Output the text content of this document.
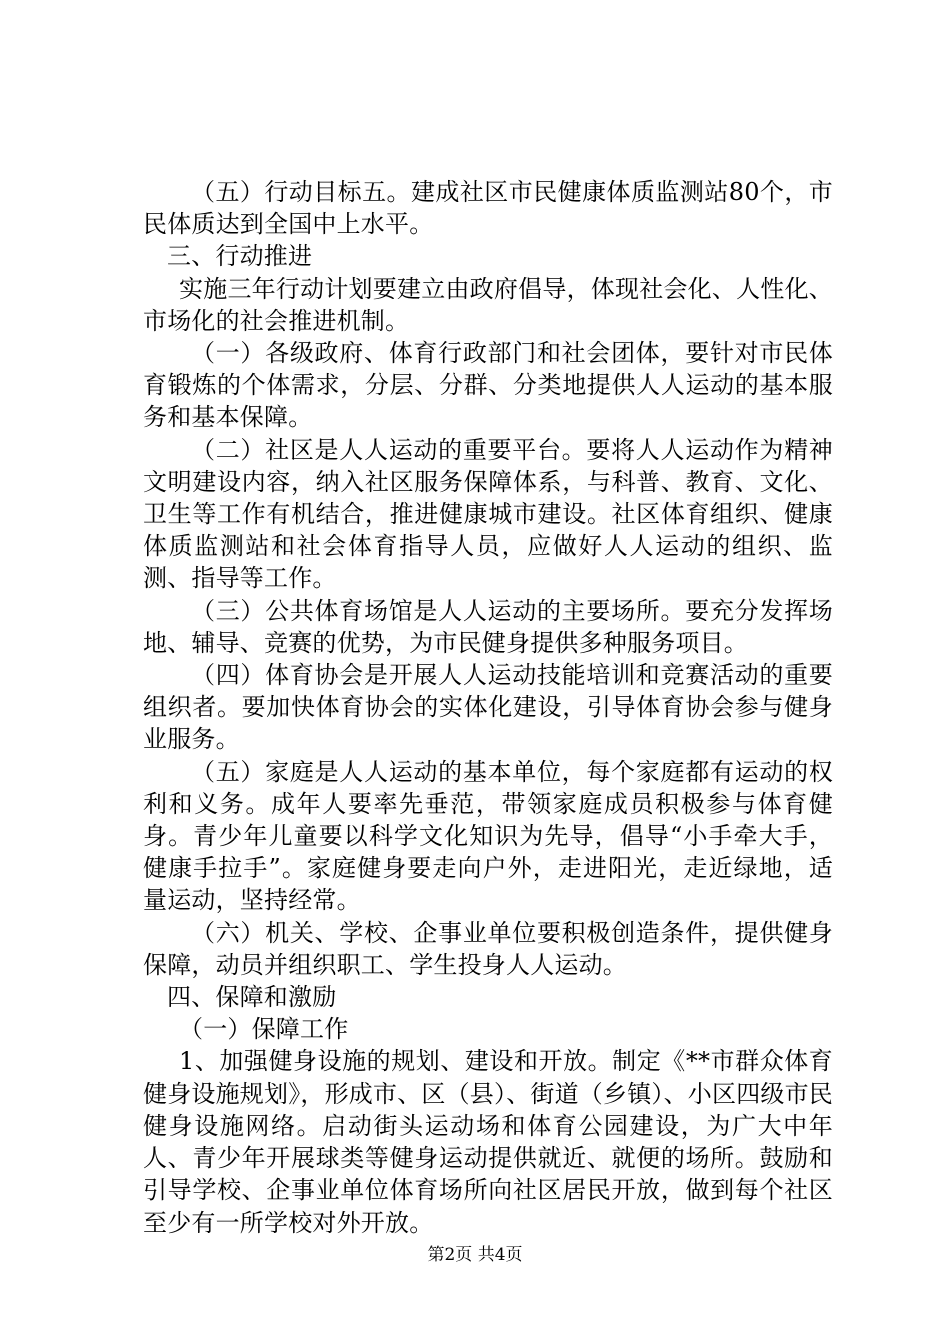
（五）行动目标五。建成社区市民健康体质监测站80个，市民体质达到全国中上水平。

三、行动推进

实施三年行动计划要建立由政府倡导，体现社会化、人性化、市场化的社会推进机制。

（一）各级政府、体育行政部门和社会团体，要针对市民体育锻炼的个体需求，分层、分群、分类地提供人人运动的基本服务和基本保障。

（二）社区是人人运动的重要平台。要将人人运动作为精神文明建设内容，纳入社区服务保障体系，与科普、教育、文化、卫生等工作有机结合，推进健康城市建设。社区体育组织、健康体质监测站和社会体育指导人员，应做好人人运动的组织、监测、指导等工作。

（三）公共体育场馆是人人运动的主要场所。要充分发挥场地、辅导、竞赛的优势，为市民健身提供多种服务项目。

（四）体育协会是开展人人运动技能培训和竞赛活动的重要组织者。要加快体育协会的实体化建设，引导体育协会参与健身业服务。

（五）家庭是人人运动的基本单位，每个家庭都有运动的权利和义务。成年人要率先垂范，带领家庭成员积极参与体育健身。青少年儿童要以科学文化知识为先导，倡导“小手牵大手，健康手拉手”。家庭健身要走向户外，走进阳光，走近绿地，适量运动，坚持经常。

（六）机关、学校、企事业单位要积极创造条件，提供健身保障，动员并组织职工、学生投身人人运动。

四、保障和激励

（一）保障工作

1、加强健身设施的规划、建设和开放。制定《**市群众体育健身设施规划》，形成市、区（县）、街道（乡镇）、小区四级市民健身设施网络。启动街头运动场和体育公园建设，为广大中年人、青少年开展球类等健身运动提供就近、就便的场所。鼓励和引导学校、企事业单位体育场所向社区居民开放，做到每个社区至少有一所学校对外开放。

第2页 共4页
